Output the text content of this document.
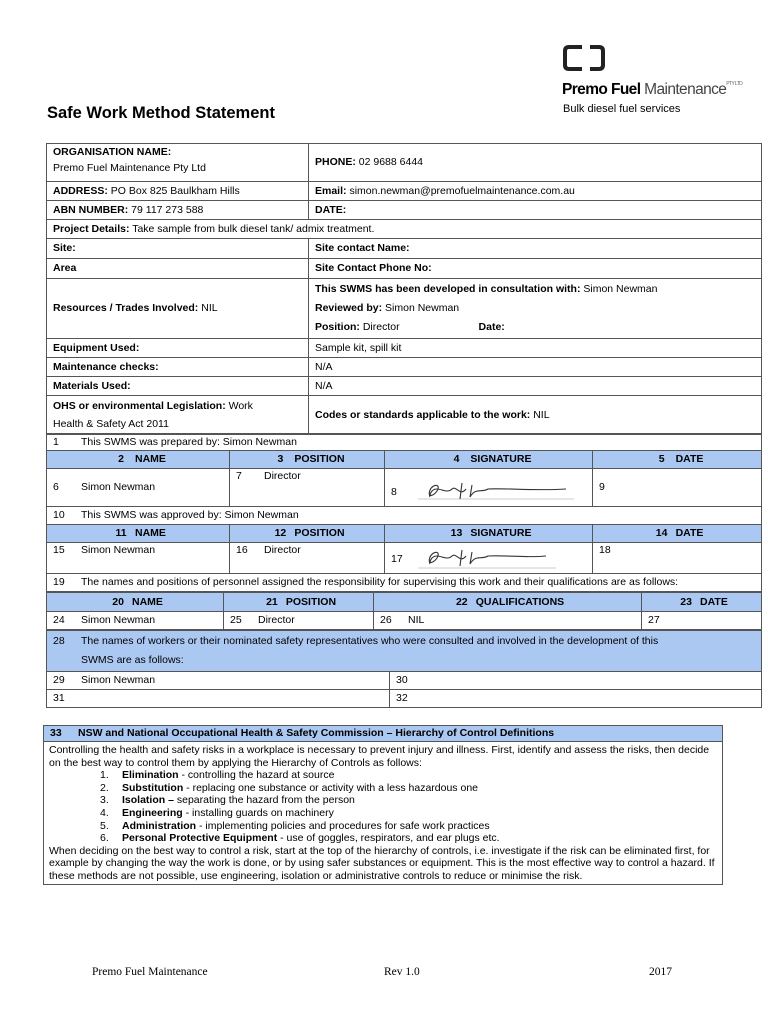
Premo Fuel Maintenance$^{PTY LTD}$
Bulk diesel fuel services
Safe Work Method Statement
ORGANISATION NAME:
Premo Fuel Maintenance Pty Ltd	PHONE: 02 9688 6444
ADDRESS: PO Box 825 Baulkham Hills	Email: simon.newman@premofuelmaintenance.com.au
ABN NUMBER: 79 117 273 588	DATE:
Project Details: Take sample from bulk diesel tank/ admix treatment.	
Site:	Site contact Name:
Area	Site Contact Phone No:
Resources / Trades Involved: NIL	This SWMS has been developed in consultation with: Simon Newman
Reviewed by: Simon Newman
Position: Director Date:
Equipment Used:	Sample kit, spill kit
Maintenance checks:	N/A
Materials Used:	N/A
OHS or environmental Legislation: Work
Health & Safety Act 2011	Codes or standards applicable to the work: NIL
1 This SWMS was prepared by: Simon Newman			
2 NAME	3 POSITION	4 SIGNATURE	5 DATE
6 Simon Newman	7 Director	8	9
10 This SWMS was approved by: Simon Newman			
11 NAME	12 POSITION	13 SIGNATURE	14 DATE
15 Simon Newman	16 Director	17	18
19 The names and positions of personnel assigned the responsibility for supervising this work and their qualifications are as follows:			
20 NAME	21 POSITION	22 QUALIFICATIONS	23 DATE
24 Simon Newman	25 Director	26 NIL	27
28 The names of workers or their nominated safety representatives who were consulted and involved in the development of this
SWMS are as follows:	
29 Simon Newman	30
31	32
33 NSW and National Occupational Health & Safety Commission – Hierarchy of Control Definitions
Controlling the health and safety risks in a workplace is necessary to prevent injury and illness. First, identify and assess the risks, then decide on the best way to control them by applying the Hierarchy of Controls as follows:
1.	Elimination - controlling the hazard at source
2.	Substitution - replacing one substance or activity with a less hazardous one
3.	Isolation – separating the hazard from the person
4.	Engineering - installing guards on machinery
5.	Administration - implementing policies and procedures for safe work practices
6.	Personal Protective Equipment - use of goggles, respirators, and ear plugs etc.
When deciding on the best way to control a risk, start at the top of the hierarchy of controls, i.e. investigate if the risk can be eliminated first, for example by changing the way the work is done, or by using safer substances or equipment. This is the most effective way to control a hazard. If these methods are not possible, use engineering, isolation or administrative controls to reduce or minimise the risk.
Premo Fuel Maintenance	Rev 1.0	2017
